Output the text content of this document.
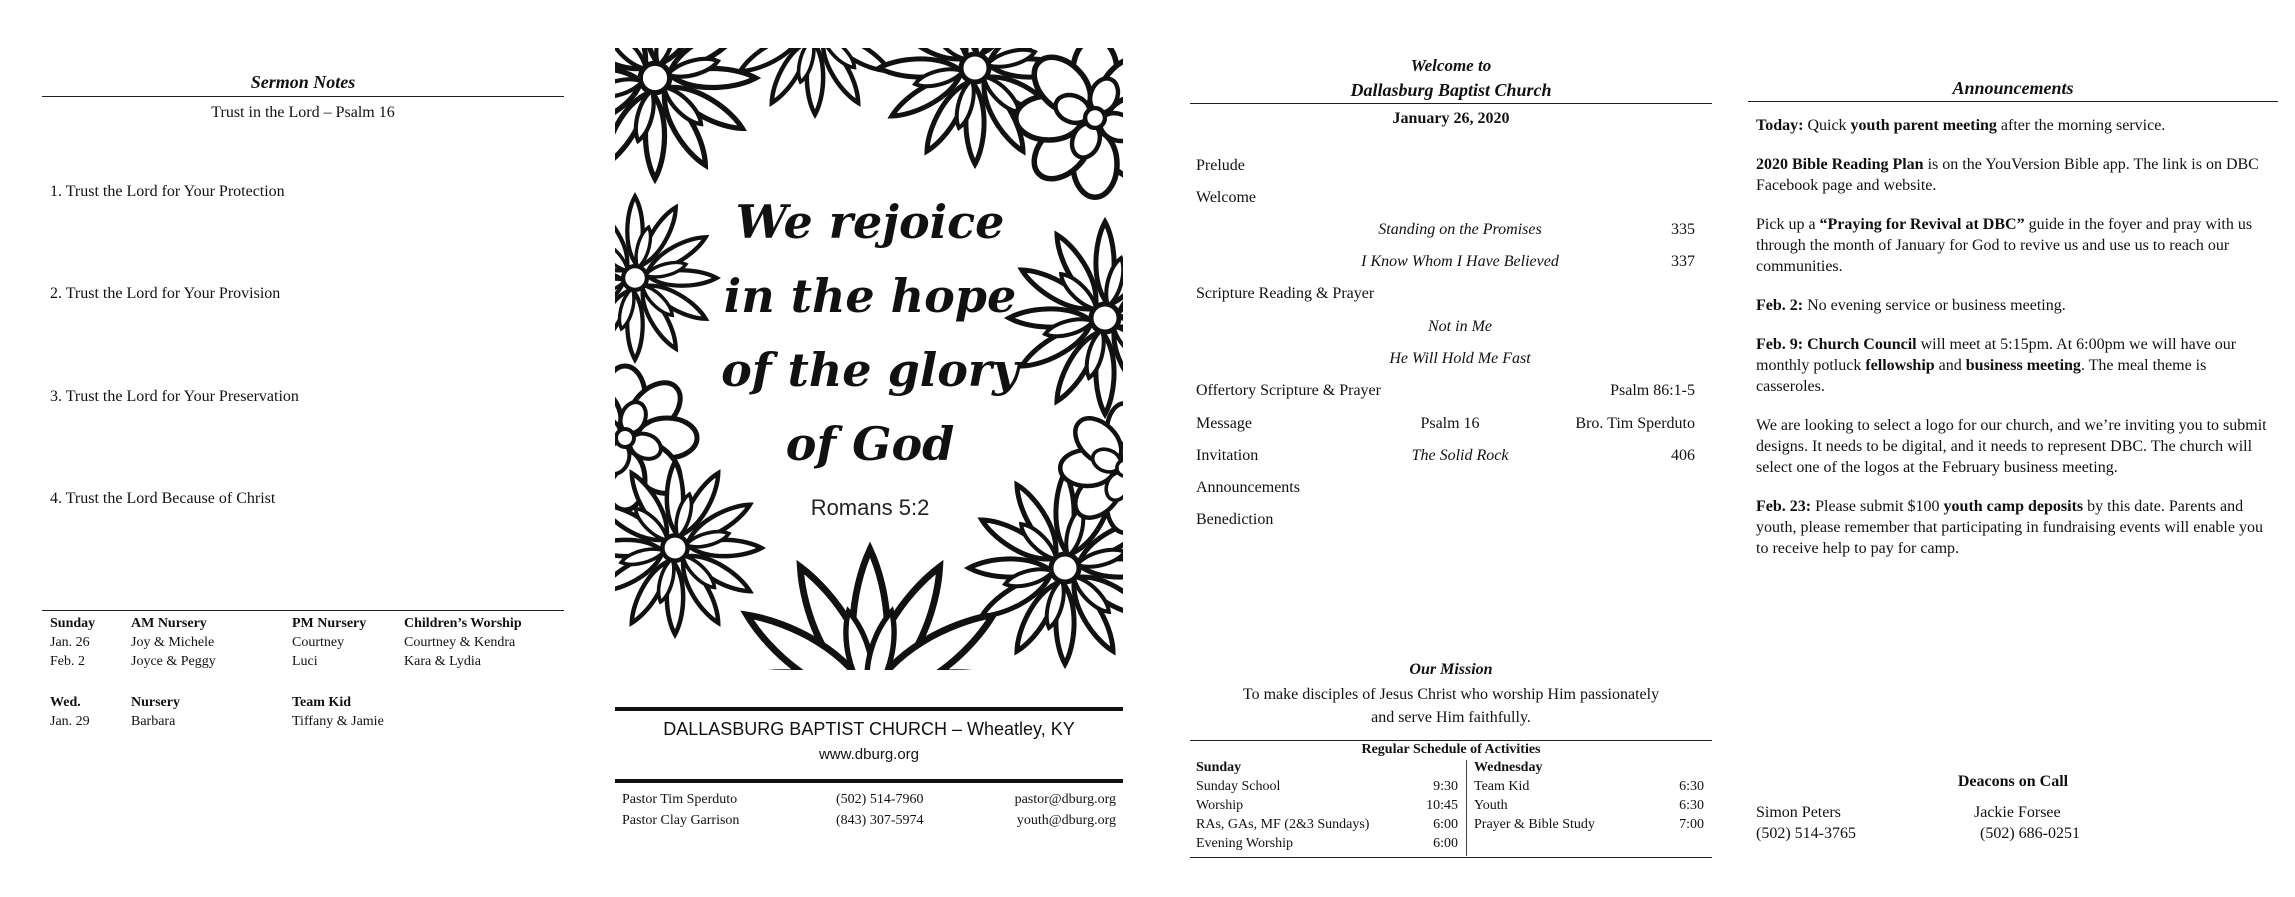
Sermon Notes
Trust in the Lord – Psalm 16
1. Trust the Lord for Your Protection
2. Trust the Lord for Your Provision
3. Trust the Lord for Your Preservation
4. Trust the Lord Because of Christ
Sunday	AM Nursery	PM Nursery	Children’s Worship
Jan. 26	Joy & Michele	Courtney	Courtney & Kendra
Feb. 2	Joyce & Peggy	Luci	Kara & Lydia
Wed.	Nursery	Team Kid
Jan. 29	Barbara	Tiffany & Jamie
We rejoice
in the hope
of the glory
of God
Romans 5:2
DALLASBURG BAPTIST CHURCH – Wheatley, KY
www.dburg.org
Pastor Tim Sperduto	(502) 514-7960	pastor@dburg.org
Pastor Clay Garrison	(843) 307-5974	youth@dburg.org
Welcome to
Dallasburg Baptist Church
January 26, 2020
Prelude
Welcome
Standing on the Promises	335
I Know Whom I Have Believed	337
Scripture Reading & Prayer
Not in Me
He Will Hold Me Fast
Offertory Scripture & Prayer	Psalm 86:1-5
Message	Psalm 16	Bro. Tim Sperduto
Invitation	The Solid Rock	406
Announcements
Benediction
Our Mission
To make disciples of Jesus Christ who worship Him passionately
and serve Him faithfully.
Regular Schedule of Activities
Sunday
Sunday School	9:30
Worship	10:45
RAs, GAs, MF (2&3 Sundays)	6:00
Evening Worship	6:00
Wednesday
Team Kid	6:30
Youth	6:30
Prayer & Bible Study	7:00
Announcements

Today: Quick youth parent meeting after the morning service.

2020 Bible Reading Plan is on the YouVersion Bible app. The link is on DBC Facebook page and website.

Pick up a “Praying for Revival at DBC” guide in the foyer and pray with us through the month of January for God to revive us and use us to reach our communities.

Feb. 2: No evening service or business meeting.

Feb. 9: Church Council will meet at 5:15pm. At 6:00pm we will have our monthly potluck fellowship and business meeting. The meal theme is casseroles.

We are looking to select a logo for our church, and we’re inviting you to submit designs. It needs to be digital, and it needs to represent DBC. The church will select one of the logos at the February business meeting.

Feb. 23: Please submit $100 youth camp deposits by this date. Parents and youth, please remember that participating in fundraising events will enable you to receive help to pay for camp.

Deacons on Call
Simon Peters
(502) 514-3765
Jackie Forsee
(502) 686-0251
